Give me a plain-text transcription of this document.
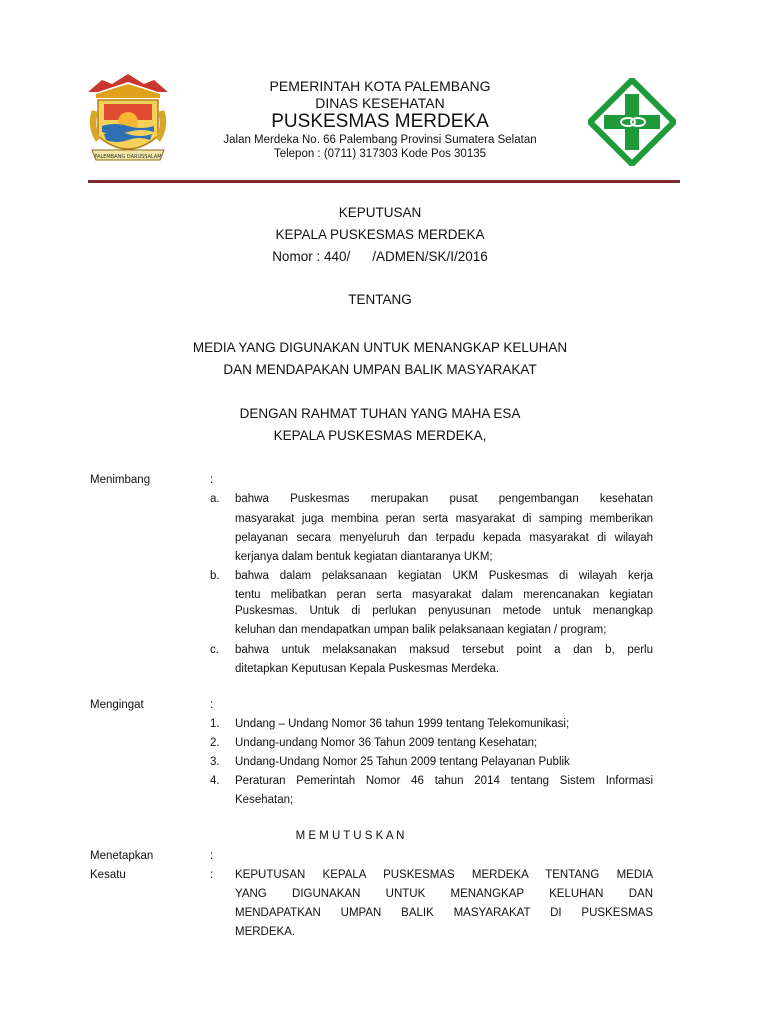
PALEMBANG DARUSSALAM
PEMERINTAH KOTA PALEMBANG
DINAS KESEHATAN
PUSKESMAS MERDEKA
Jalan Merdeka No. 66 Palembang Provinsi Sumatera Selatan
Telepon : (0711) 317303 Kode Pos 30135
KEPUTUSAN
KEPALA PUSKESMAS MERDEKA
Nomor : 440/ /ADMEN/SK/I/2016
TENTANG
MEDIA YANG DIGUNAKAN UNTUK MENANGKAP KELUHAN
DAN MENDAPAKAN UMPAN BALIK MASYARAKAT
DENGAN RAHMAT TUHAN YANG MAHA ESA
KEPALA PUSKESMAS MERDEKA,
Menimbang	:
a. bahwa Puskesmas merupakan pusat pengembangan kesehatan
masyarakat juga membina peran serta masyarakat di samping memberikan
pelayanan secara menyeluruh dan terpadu kepada masyarakat di wilayah
kerjanya dalam bentuk kegiatan diantaranya UKM;
b. bahwa dalam pelaksanaan kegiatan UKM Puskesmas di wilayah kerja
tentu melibatkan peran serta masyarakat dalam merencanakan kegiatan
Puskesmas. Untuk di perlukan penyusunan metode untuk menangkap
keluhan dan mendapatkan umpan balik pelaksanaan kegiatan / program;
c. bahwa untuk melaksanakan maksud tersebut point a dan b, perlu
ditetapkan Keputusan Kepala Puskesmas Merdeka.
Mengingat	:
1. Undang – Undang Nomor 36 tahun 1999 tentang Telekomunikasi;
2. Undang-undang Nomor 36 Tahun 2009 tentang Kesehatan;
3. Undang-Undang Nomor 25 Tahun 2009 tentang Pelayanan Publik
4. Peraturan Pemerintah Nomor 46 tahun 2014 tentang Sistem Informasi
Kesehatan;
M E M U T U S K A N
Menetapkan	:
Kesatu	: KEPUTUSAN KEPALA PUSKESMAS MERDEKA TENTANG MEDIA
YANG DIGUNAKAN UNTUK MENANGKAP KELUHAN DAN
MENDAPATKAN UMPAN BALIK MASYARAKAT DI PUSKESMAS
MERDEKA.
